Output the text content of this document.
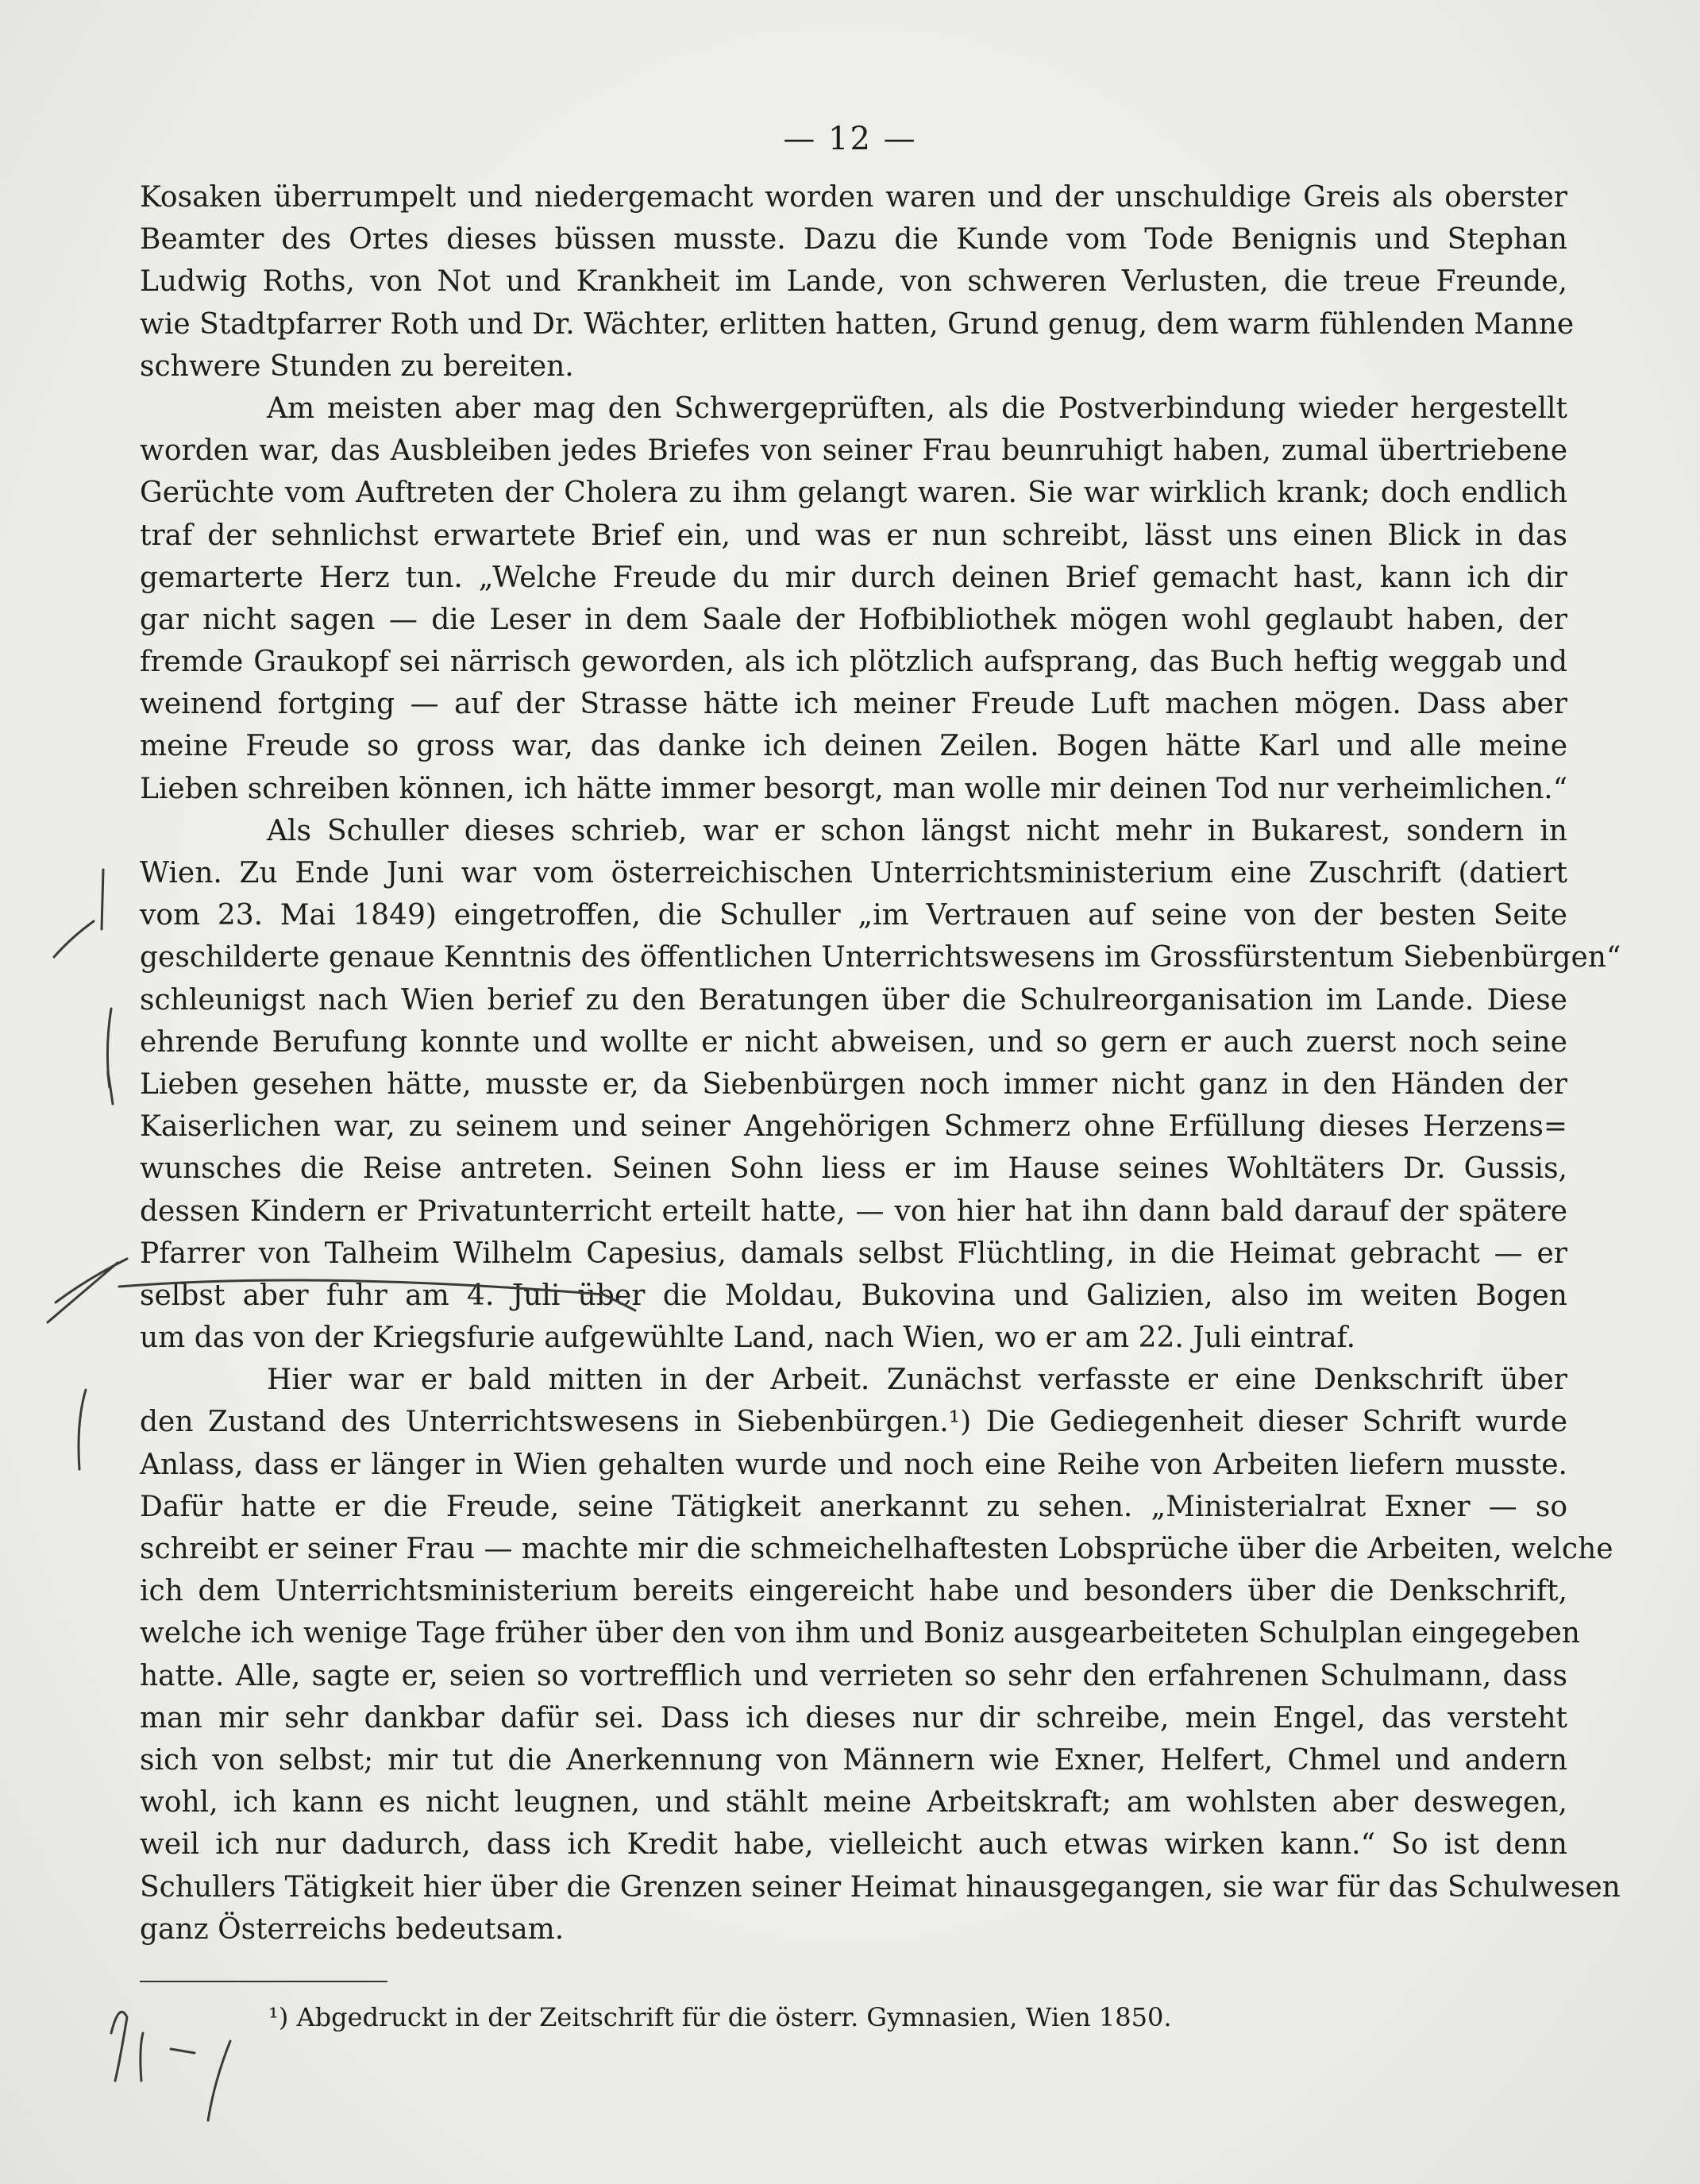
— 12 —
Kosaken überrumpelt und niedergemacht worden waren und der unschuldige Greis als oberster
Beamter des Ortes dieses büssen musste. Dazu die Kunde vom Tode Benignis und Stephan
Ludwig Roths, von Not und Krankheit im Lande, von schweren Verlusten, die treue Freunde,
wie Stadtpfarrer Roth und Dr. Wächter, erlitten hatten, Grund genug, dem warm fühlenden Manne
schwere Stunden zu bereiten.
Am meisten aber mag den Schwergeprüften, als die Postverbindung wieder hergestellt
worden war, das Ausbleiben jedes Briefes von seiner Frau beunruhigt haben, zumal übertriebene
Gerüchte vom Auftreten der Cholera zu ihm gelangt waren. Sie war wirklich krank; doch endlich
traf der sehnlichst erwartete Brief ein, und was er nun schreibt, lässt uns einen Blick in das
gemarterte Herz tun. „Welche Freude du mir durch deinen Brief gemacht hast, kann ich dir
gar nicht sagen — die Leser in dem Saale der Hofbibliothek mögen wohl geglaubt haben, der
fremde Graukopf sei närrisch geworden, als ich plötzlich aufsprang, das Buch heftig weggab und
weinend fortging — auf der Strasse hätte ich meiner Freude Luft machen mögen. Dass aber
meine Freude so gross war, das danke ich deinen Zeilen. Bogen hätte Karl und alle meine
Lieben schreiben können, ich hätte immer besorgt, man wolle mir deinen Tod nur verheimlichen.“
Als Schuller dieses schrieb, war er schon längst nicht mehr in Bukarest, sondern in
Wien. Zu Ende Juni war vom österreichischen Unterrichtsministerium eine Zuschrift (datiert
vom 23. Mai 1849) eingetroffen, die Schuller „im Vertrauen auf seine von der besten Seite
geschilderte genaue Kenntnis des öffentlichen Unterrichtswesens im Grossfürstentum Siebenbürgen“
schleunigst nach Wien berief zu den Beratungen über die Schulreorganisation im Lande. Diese
ehrende Berufung konnte und wollte er nicht abweisen, und so gern er auch zuerst noch seine
Lieben gesehen hätte, musste er, da Siebenbürgen noch immer nicht ganz in den Händen der
Kaiserlichen war, zu seinem und seiner Angehörigen Schmerz ohne Erfüllung dieses Herzens=
wunsches die Reise antreten. Seinen Sohn liess er im Hause seines Wohltäters Dr. Gussis,
dessen Kindern er Privatunterricht erteilt hatte, — von hier hat ihn dann bald darauf der spätere
Pfarrer von Talheim Wilhelm Capesius, damals selbst Flüchtling, in die Heimat gebracht — er
selbst aber fuhr am 4. Juli über die Moldau, Bukovina und Galizien, also im weiten Bogen
um das von der Kriegsfurie aufgewühlte Land, nach Wien, wo er am 22. Juli eintraf.
Hier war er bald mitten in der Arbeit. Zunächst verfasste er eine Denkschrift über
den Zustand des Unterrichtswesens in Siebenbürgen.¹) Die Gediegenheit dieser Schrift wurde
Anlass, dass er länger in Wien gehalten wurde und noch eine Reihe von Arbeiten liefern musste.
Dafür hatte er die Freude, seine Tätigkeit anerkannt zu sehen. „Ministerialrat Exner — so
schreibt er seiner Frau — machte mir die schmeichelhaftesten Lobsprüche über die Arbeiten, welche
ich dem Unterrichtsministerium bereits eingereicht habe und besonders über die Denkschrift,
welche ich wenige Tage früher über den von ihm und Boniz ausgearbeiteten Schulplan eingegeben
hatte. Alle, sagte er, seien so vortrefflich und verrieten so sehr den erfahrenen Schulmann, dass
man mir sehr dankbar dafür sei. Dass ich dieses nur dir schreibe, mein Engel, das versteht
sich von selbst; mir tut die Anerkennung von Männern wie Exner, Helfert, Chmel und andern
wohl, ich kann es nicht leugnen, und stählt meine Arbeitskraft; am wohlsten aber deswegen,
weil ich nur dadurch, dass ich Kredit habe, vielleicht auch etwas wirken kann.“ So ist denn
Schullers Tätigkeit hier über die Grenzen seiner Heimat hinausgegangen, sie war für das Schulwesen
ganz Österreichs bedeutsam.
¹) Abgedruckt in der Zeitschrift für die österr. Gymnasien, Wien 1850.
